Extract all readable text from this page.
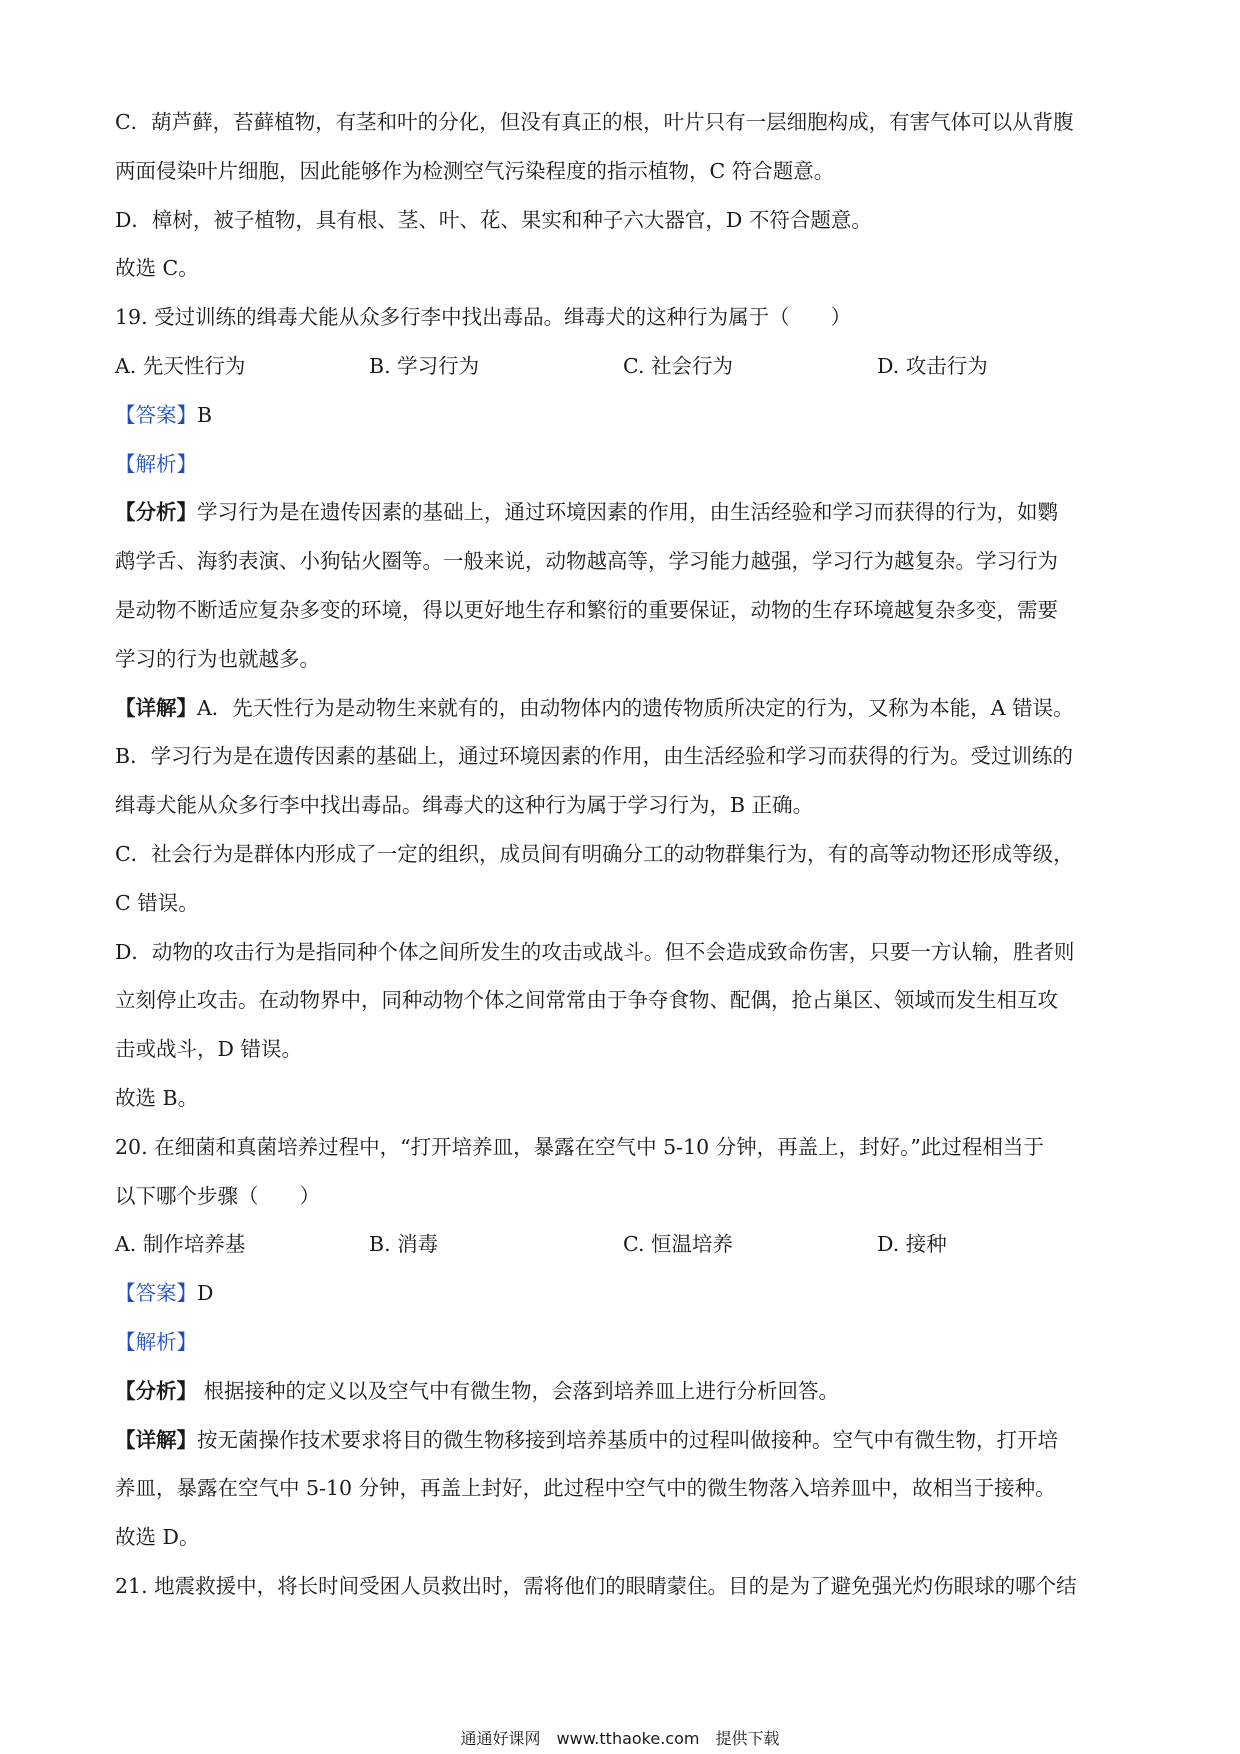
C．葫芦藓，苔藓植物，有茎和叶的分化，但没有真正的根，叶片只有一层细胞构成，有害气体可以从背腹
两面侵染叶片细胞，因此能够作为检测空气污染程度的指示植物，C 符合题意。
D．樟树，被子植物，具有根、茎、叶、花、果实和种子六大器官，D 不符合题意。
故选 C。
19. 受过训练的缉毒犬能从众多行李中找出毒品。缉毒犬的这种行为属于（　　）
A. 先天性行为	B. 学习行为	C. 社会行为	D. 攻击行为
【答案】B
【解析】
【分析】学习行为是在遗传因素的基础上，通过环境因素的作用，由生活经验和学习而获得的行为，如鹦
鹉学舌、海豹表演、小狗钻火圈等。一般来说，动物越高等，学习能力越强，学习行为越复杂。学习行为
是动物不断适应复杂多变的环境，得以更好地生存和繁衍的重要保证，动物的生存环境越复杂多变，需要
学习的行为也就越多。
【详解】A．先天性行为是动物生来就有的，由动物体内的遗传物质所决定的行为，又称为本能，A 错误。
B．学习行为是在遗传因素的基础上，通过环境因素的作用，由生活经验和学习而获得的行为。受过训练的
缉毒犬能从众多行李中找出毒品。缉毒犬的这种行为属于学习行为，B 正确。
C．社会行为是群体内形成了一定的组织，成员间有明确分工的动物群集行为，有的高等动物还形成等级，
C 错误。
D．动物的攻击行为是指同种个体之间所发生的攻击或战斗。但不会造成致命伤害，只要一方认输，胜者则
立刻停止攻击。在动物界中，同种动物个体之间常常由于争夺食物、配偶，抢占巢区、领域而发生相互攻
击或战斗，D 错误。
故选 B。
20. 在细菌和真菌培养过程中，“打开培养皿，暴露在空气中 5-10 分钟，再盖上，封好。”此过程相当于
以下哪个步骤（　　）
A. 制作培养基	B. 消毒	C. 恒温培养	D. 接种
【答案】D
【解析】
【分析】 根据接种的定义以及空气中有微生物，会落到培养皿上进行分析回答。
【详解】按无菌操作技术要求将目的微生物移接到培养基质中的过程叫做接种。空气中有微生物，打开培
养皿，暴露在空气中 5-10 分钟，再盖上封好，此过程中空气中的微生物落入培养皿中，故相当于接种。
故选 D。
21. 地震救援中，将长时间受困人员救出时，需将他们的眼睛蒙住。目的是为了避免强光灼伤眼球的哪个结
通通好课网　www.tthaoke.com　提供下载
